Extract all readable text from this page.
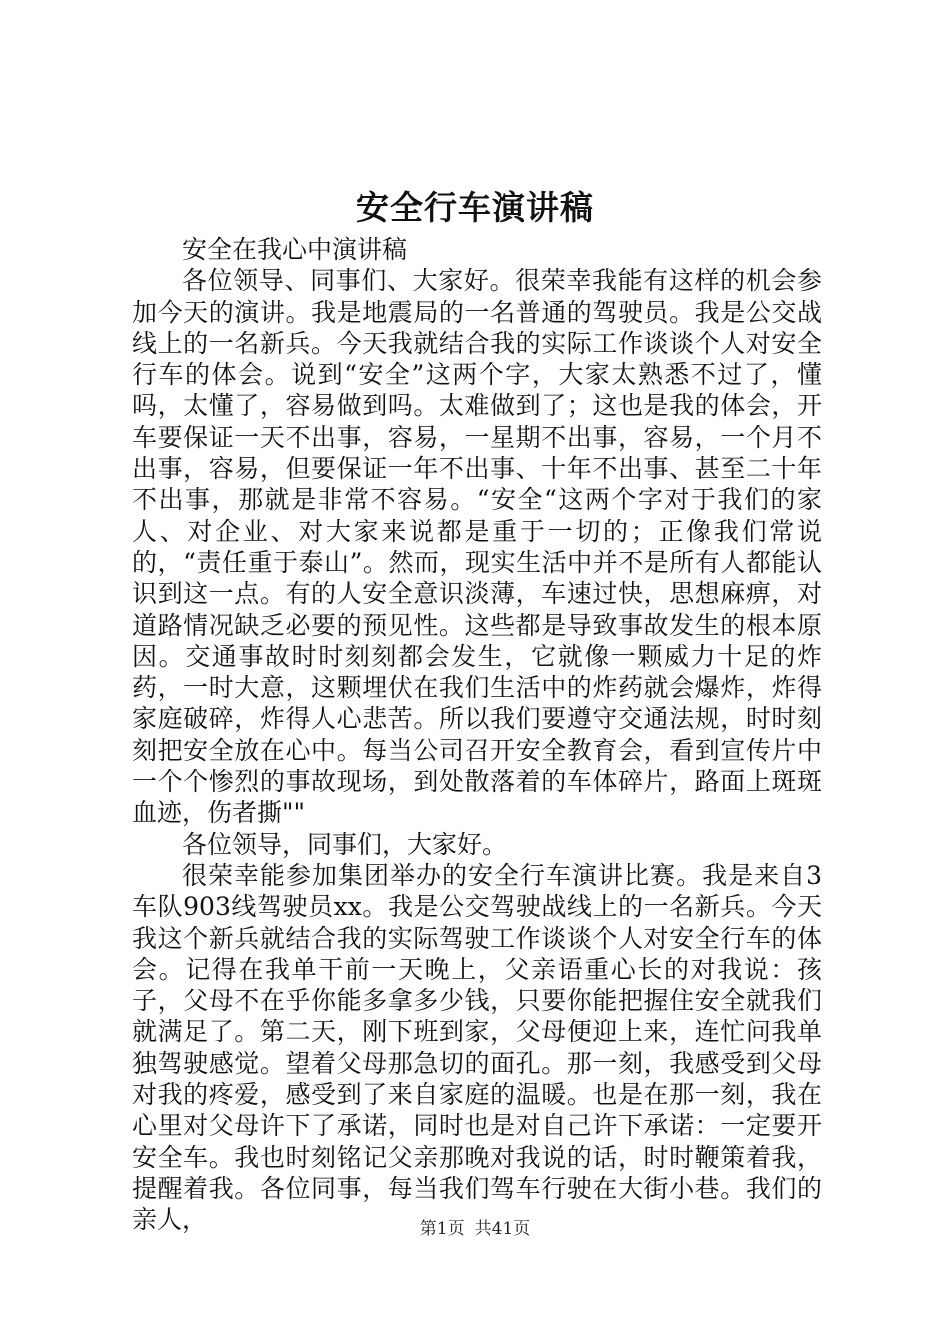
安全行车演讲稿

安全在我心中演讲稿

各位领导、同事们、大家好。很荣幸我能有这样的机会参加今天的演讲。我是地震局的一名普通的驾驶员。我是公交战线上的一名新兵。今天我就结合我的实际工作谈谈个人对安全行车的体会。说到“安全”这两个字，大家太熟悉不过了，懂吗，太懂了，容易做到吗。太难做到了；这也是我的体会，开车要保证一天不出事，容易，一星期不出事，容易，一个月不出事，容易，但要保证一年不出事、十年不出事、甚至二十年不出事，那就是非常不容易。“安全“这两个字对于我们的家人、对企业、对大家来说都是重于一切的；正像我们常说的，“责任重于泰山”。然而，现实生活中并不是所有人都能认识到这一点。有的人安全意识淡薄，车速过快，思想麻痹，对道路情况缺乏必要的预见性。这些都是导致事故发生的根本原因。交通事故时时刻刻都会发生，它就像一颗威力十足的炸药，一时大意，这颗埋伏在我们生活中的炸药就会爆炸，炸得家庭破碎，炸得人心悲苦。所以我们要遵守交通法规，时时刻刻把安全放在心中。每当公司召开安全教育会，看到宣传片中一个个惨烈的事故现场，到处散落着的车体碎片，路面上斑斑血迹，伤者撕""

各位领导，同事们，大家好。

很荣幸能参加集团举办的安全行车演讲比赛。我是来自3车队903线驾驶员xx。我是公交驾驶战线上的一名新兵。今天我这个新兵就结合我的实际驾驶工作谈谈个人对安全行车的体会。记得在我单干前一天晚上，父亲语重心长的对我说：孩子，父母不在乎你能多拿多少钱，只要你能把握住安全就我们就满足了。第二天，刚下班到家，父母便迎上来，连忙问我单独驾驶感觉。望着父母那急切的面孔。那一刻，我感受到父母对我的疼爱，感受到了来自家庭的温暖。也是在那一刻，我在心里对父母许下了承诺，同时也是对自己许下承诺：一定要开安全车。我也时刻铭记父亲那晚对我说的话，时时鞭策着我，提醒着我。各位同事，每当我们驾车行驶在大街小巷。我们的亲人，	第1页 共41页
